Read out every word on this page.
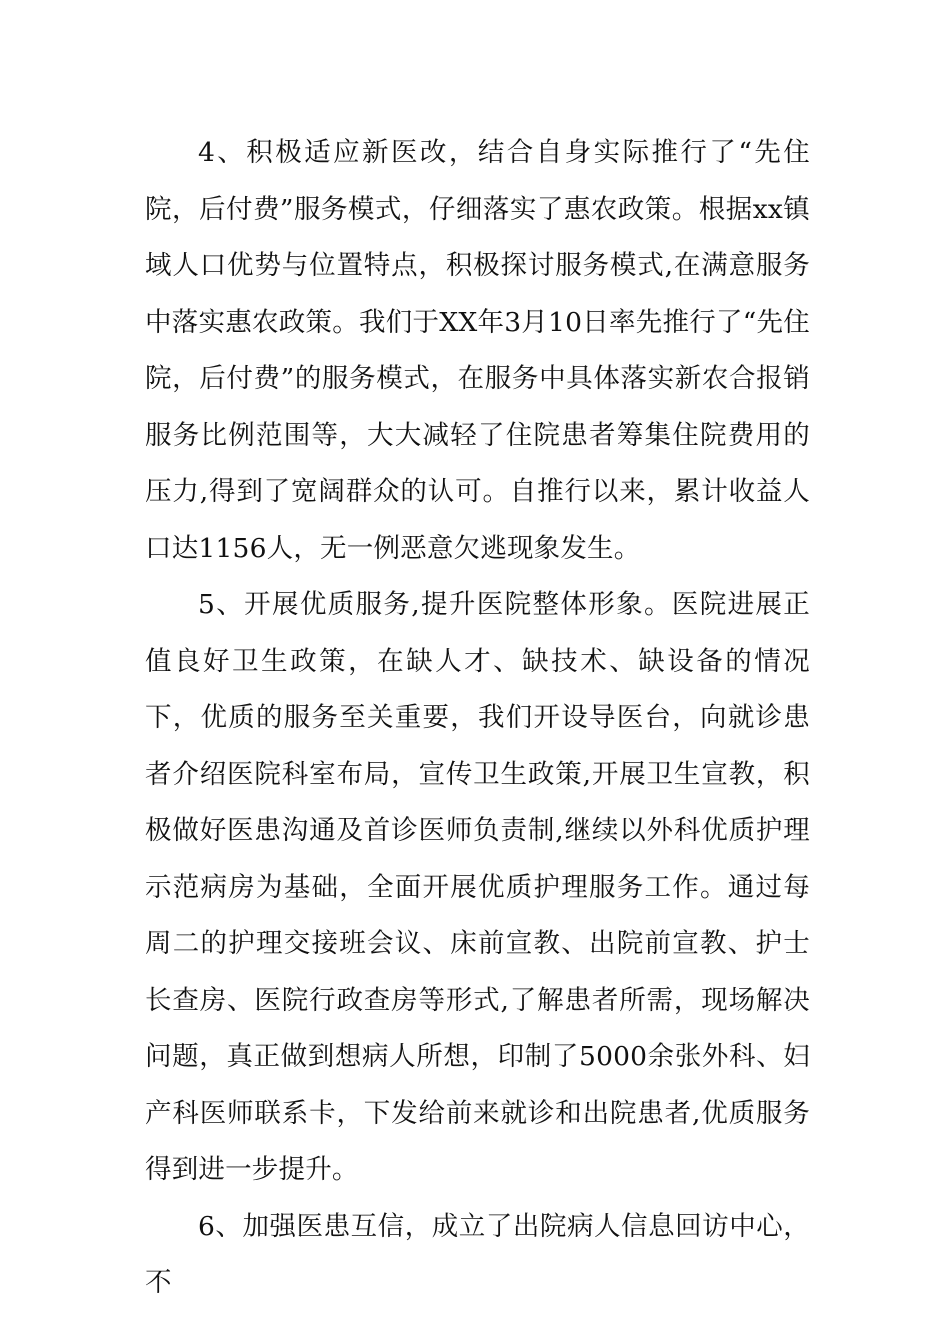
4、积极适应新医改，结合自身实际推行了“先住院，后付费”服务模式，仔细落实了惠农政策。根据xx镇域人口优势与位置特点，积极探讨服务模式,在满意服务中落实惠农政策。我们于XX年3月10日率先推行了“先住院，后付费”的服务模式，在服务中具体落实新农合报销服务比例范围等，大大减轻了住院患者筹集住院费用的压力,得到了宽阔群众的认可。自推行以来，累计收益人口达1156人，无一例恶意欠逃现象发生。

5、开展优质服务,提升医院整体形象。医院进展正值良好卫生政策，在缺人才、缺技术、缺设备的情况下，优质的服务至关重要，我们开设导医台，向就诊患者介绍医院科室布局，宣传卫生政策,开展卫生宣教，积极做好医患沟通及首诊医师负责制,继续以外科优质护理示范病房为基础，全面开展优质护理服务工作。通过每周二的护理交接班会议、床前宣教、出院前宣教、护士长查房、医院行政查房等形式,了解患者所需，现场解决问题，真正做到想病人所想，印制了5000余张外科、妇产科医师联系卡，下发给前来就诊和出院患者,优质服务得到进一步提升。

6、加强医患互信，成立了出院病人信息回访中心，不
